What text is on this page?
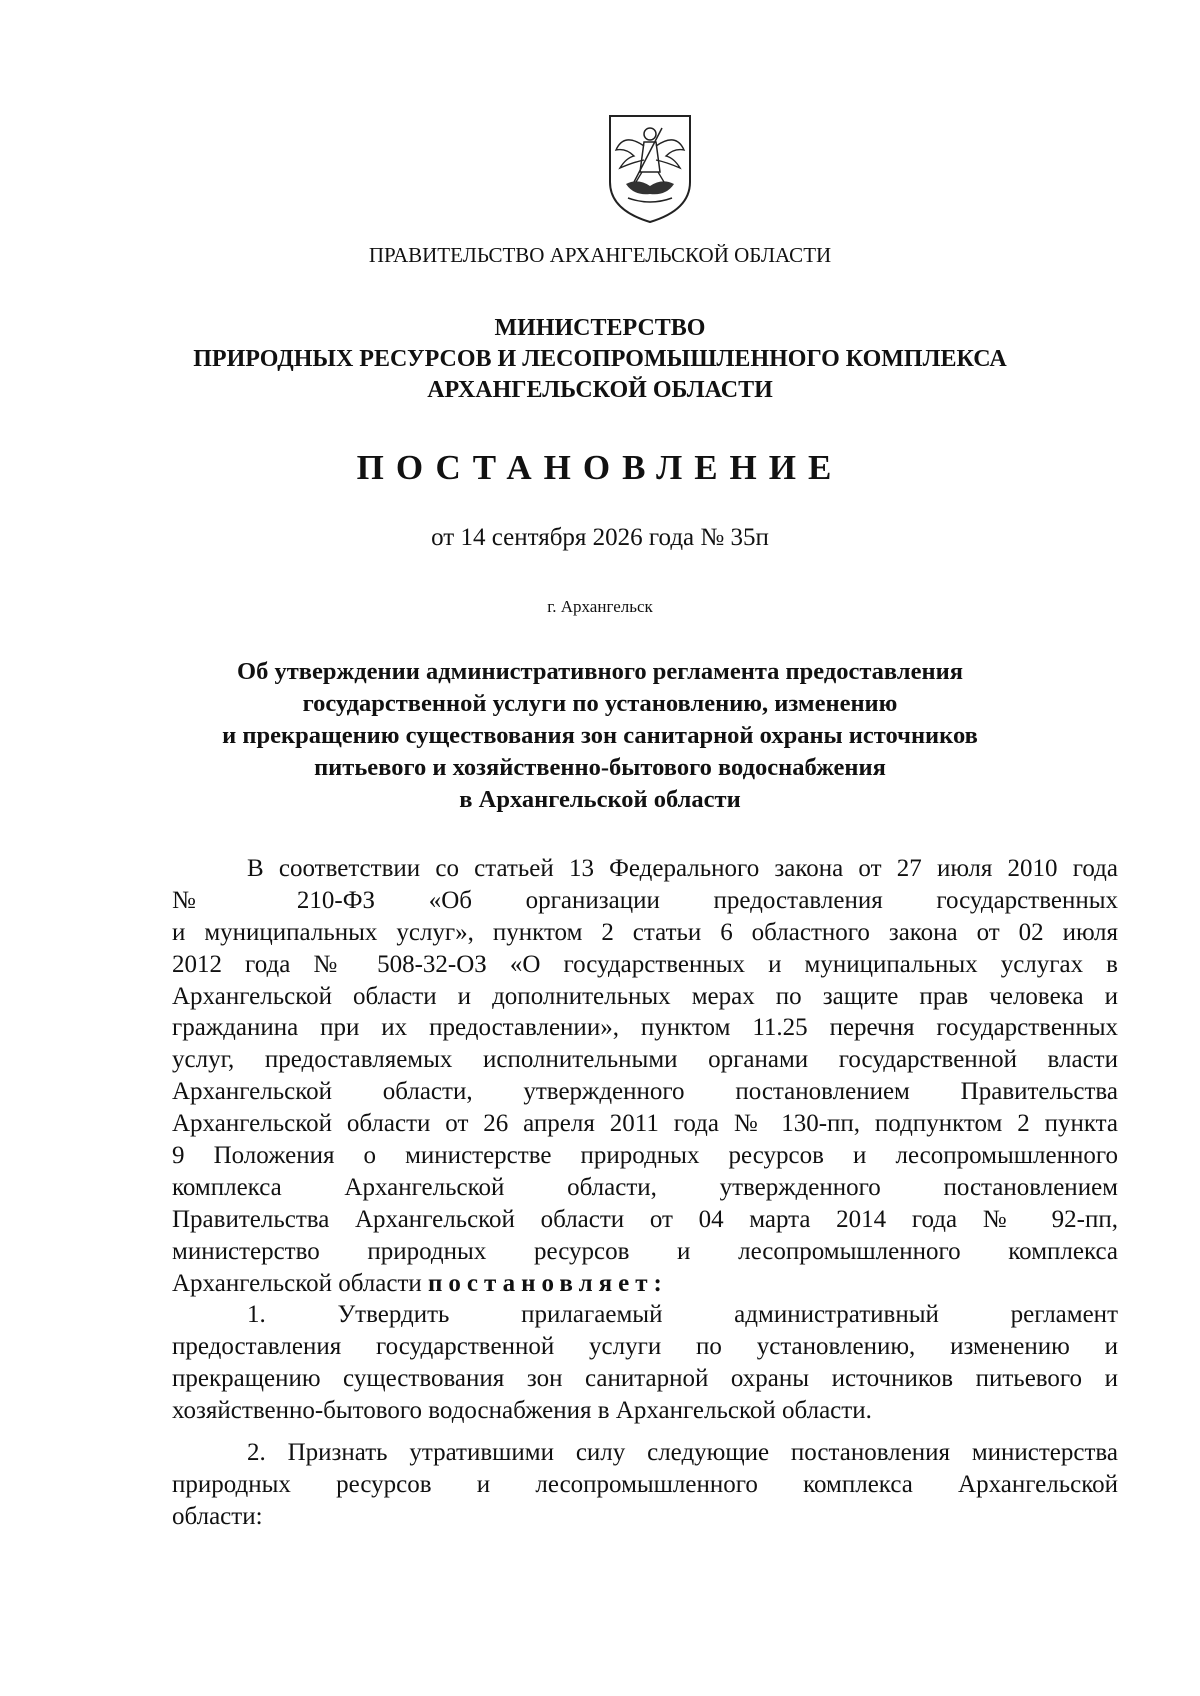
ПРАВИТЕЛЬСТВО АРХАНГЕЛЬСКОЙ ОБЛАСТИ
МИНИСТЕРСТВО
ПРИРОДНЫХ РЕСУРСОВ И ЛЕСОПРОМЫШЛЕННОГО КОМПЛЕКСА
АРХАНГЕЛЬСКОЙ ОБЛАСТИ
ПОСТАНОВЛЕНИЕ
от 14 сентября 2026 года № 35п
г. Архангельск
Об утверждении административного регламента предоставления
государственной услуги по установлению, изменению
и прекращению существования зон санитарной охраны источников
питьевого и хозяйственно-бытового водоснабжения
в Архангельской области
В соответствии со статьей 13 Федерального закона от 27 июля 2010 года
№ 210-ФЗ «Об организации предоставления государственных
и муниципальных услуг», пунктом 2 статьи 6 областного закона от 02 июля
2012 года № 508-32-ОЗ «О государственных и муниципальных услугах в
Архангельской области и дополнительных мерах по защите прав человека и
гражданина при их предоставлении», пунктом 11.25 перечня государственных
услуг, предоставляемых исполнительными органами государственной власти
Архангельской области, утвержденного постановлением Правительства
Архангельской области от 26 апреля 2011 года № 130-пп, подпунктом 2 пункта
9 Положения о министерстве природных ресурсов и лесопромышленного
комплекса Архангельской области, утвержденного постановлением
Правительства Архангельской области от 04 марта 2014 года № 92-пп,
министерство природных ресурсов и лесопромышленного комплекса
Архангельской области постановляет:
1. Утвердить прилагаемый административный регламент
предоставления государственной услуги по установлению, изменению и
прекращению существования зон санитарной охраны источников питьевого и
хозяйственно-бытового водоснабжения в Архангельской области.
2. Признать утратившими силу следующие постановления министерства
природных ресурсов и лесопромышленного комплекса Архангельской
области:
